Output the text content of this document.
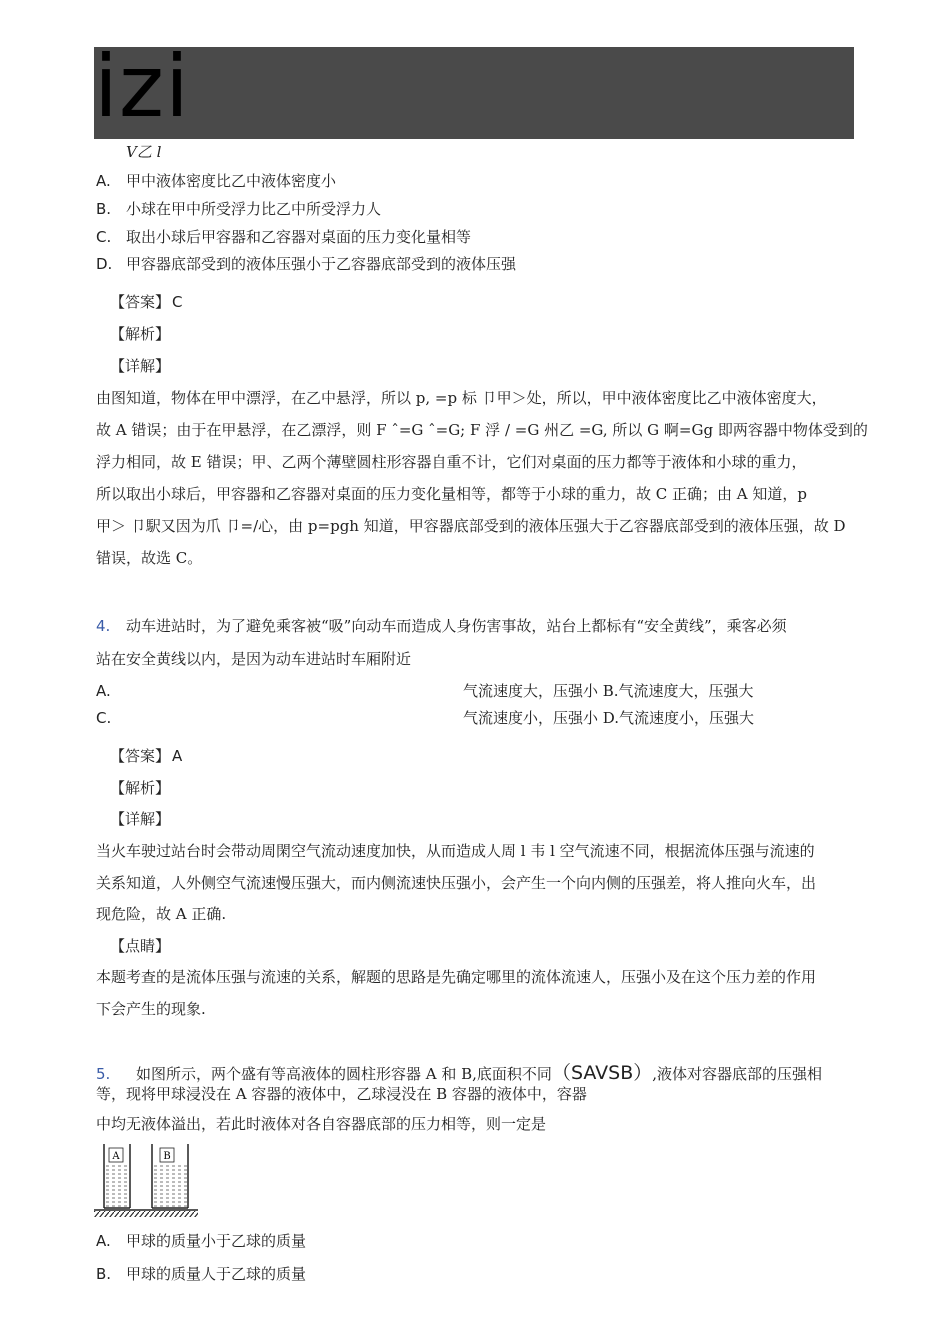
izi
V乙 l
A. 甲中液体密度比乙中液体密度小
B. 小球在甲中所受浮力比乙中所受浮力人
C. 取出小球后甲容器和乙容器对桌面的压力变化量相等
D. 甲容器底部受到的液体压强小于乙容器底部受到的液体压强
【答案】 C
【解析】
【详解】
由图知道，物体在甲中漂浮，在乙中悬浮，所以 p, =p 标 卩甲＞处，所以，甲中液体密度比乙中液体密度大，
故 A 错误；由于在甲悬浮，在乙漂浮，则 F ˆ=G ˆ=G; F 浮 / =G 州乙 =G, 所以 G 啊=Gg 即两容器中物体受到的
浮力相同，故 E 错误；甲、乙两个薄壁圆柱形容器自重不计，它们对桌面的压力都等于液体和小球的重力，
所以取出小球后，甲容器和乙容器对桌面的压力变化量相等，都等于小球的重力，故 C 正确；由 A 知道，p
甲＞ 卩駅又因为爪 卩=/心，由 p=pgh 知道，甲容器底部受到的液体压强大于乙容器底部受到的液体压强，故 D
错误，故选 C。
4. 动车进站时，为了避免乘客被“吸”向动车而造成人身伤害事故，站台上都标有“安全黄线”，乘客必须
站在安全黄线以内，是因为动车进站时车厢附近
A.	气流速度大，压强小 B.气流速度大，压强大
C.	气流速度小，压强小 D.气流速度小，压强大
【答案】 A
【解析】
【详解】
当火车驶过站台时会带动周閑空气流动速度加快，从而造成人周 l 韦 l 空气流速不同，根据流体压强与流速的
关系知道，人外侧空气流速慢压强大，而内侧流速快压强小，会产生一个向内侧的压强差，将人推向火车，出
现危险，故 A 正确.
【点睛】
本题考查的是流体压强与流速的关系，解题的思路是先确定哪里的流体流速人，压强小及在这个压力差的作用
下会产生的现象.
5. 如图所示，两个盛有等高液体的圆柱形容器 A 和 B,底面积不同（SAVSB）,液体对容器底部的压强相
等，现将甲球浸没在 A 容器的液体中，乙球浸没在 B 容器的液体中，容器
中均无液体溢出，若此时液体对各自容器底部的压力相等，则一定是
A	B
A. 甲球的质量小于乙球的质量
B. 甲球的质量人于乙球的质量
